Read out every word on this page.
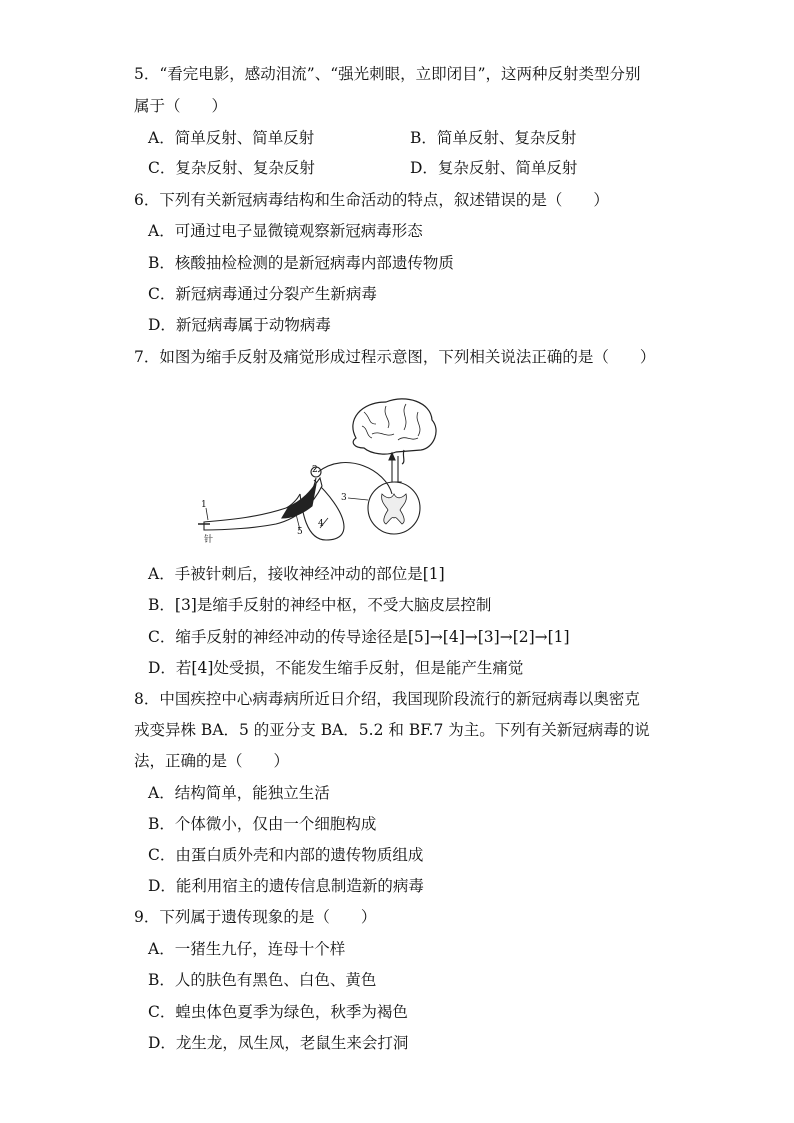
5．“看完电影，感动泪流”、“强光刺眼，立即闭目”，这两种反射类型分别
属于（　　）
A．简单反射、简单反射	B．简单反射、复杂反射
C．复杂反射、复杂反射	D．复杂反射、简单反射
6．下列有关新冠病毒结构和生命活动的特点，叙述错误的是（　　）
A．可通过电子显微镜观察新冠病毒形态
B．核酸抽检检测的是新冠病毒内部遗传物质
C．新冠病毒通过分裂产生新病毒
D．新冠病毒属于动物病毒
7．如图为缩手反射及痛觉形成过程示意图，下列相关说法正确的是（　　）
1
2
3
4
5
针
A．手被针刺后，接收神经冲动的部位是[1]
B．[3]是缩手反射的神经中枢，不受大脑皮层控制
C．缩手反射的神经冲动的传导途径是[5]→[4]→[3]→[2]→[1]
D．若[4]处受损，不能发生缩手反射，但是能产生痛觉
8．中国疾控中心病毒病所近日介绍，我国现阶段流行的新冠病毒以奥密克
戎变异株 BA．5 的亚分支 BA．5.2 和 BF.7 为主。下列有关新冠病毒的说
法，正确的是（　　）
A．结构简单，能独立生活
B．个体微小，仅由一个细胞构成
C．由蛋白质外壳和内部的遗传物质组成
D．能利用宿主的遗传信息制造新的病毒
9．下列属于遗传现象的是（　　）
A．一猪生九仔，连母十个样
B．人的肤色有黑色、白色、黄色
C．蝗虫体色夏季为绿色，秋季为褐色
D．龙生龙，凤生凤，老鼠生来会打洞
